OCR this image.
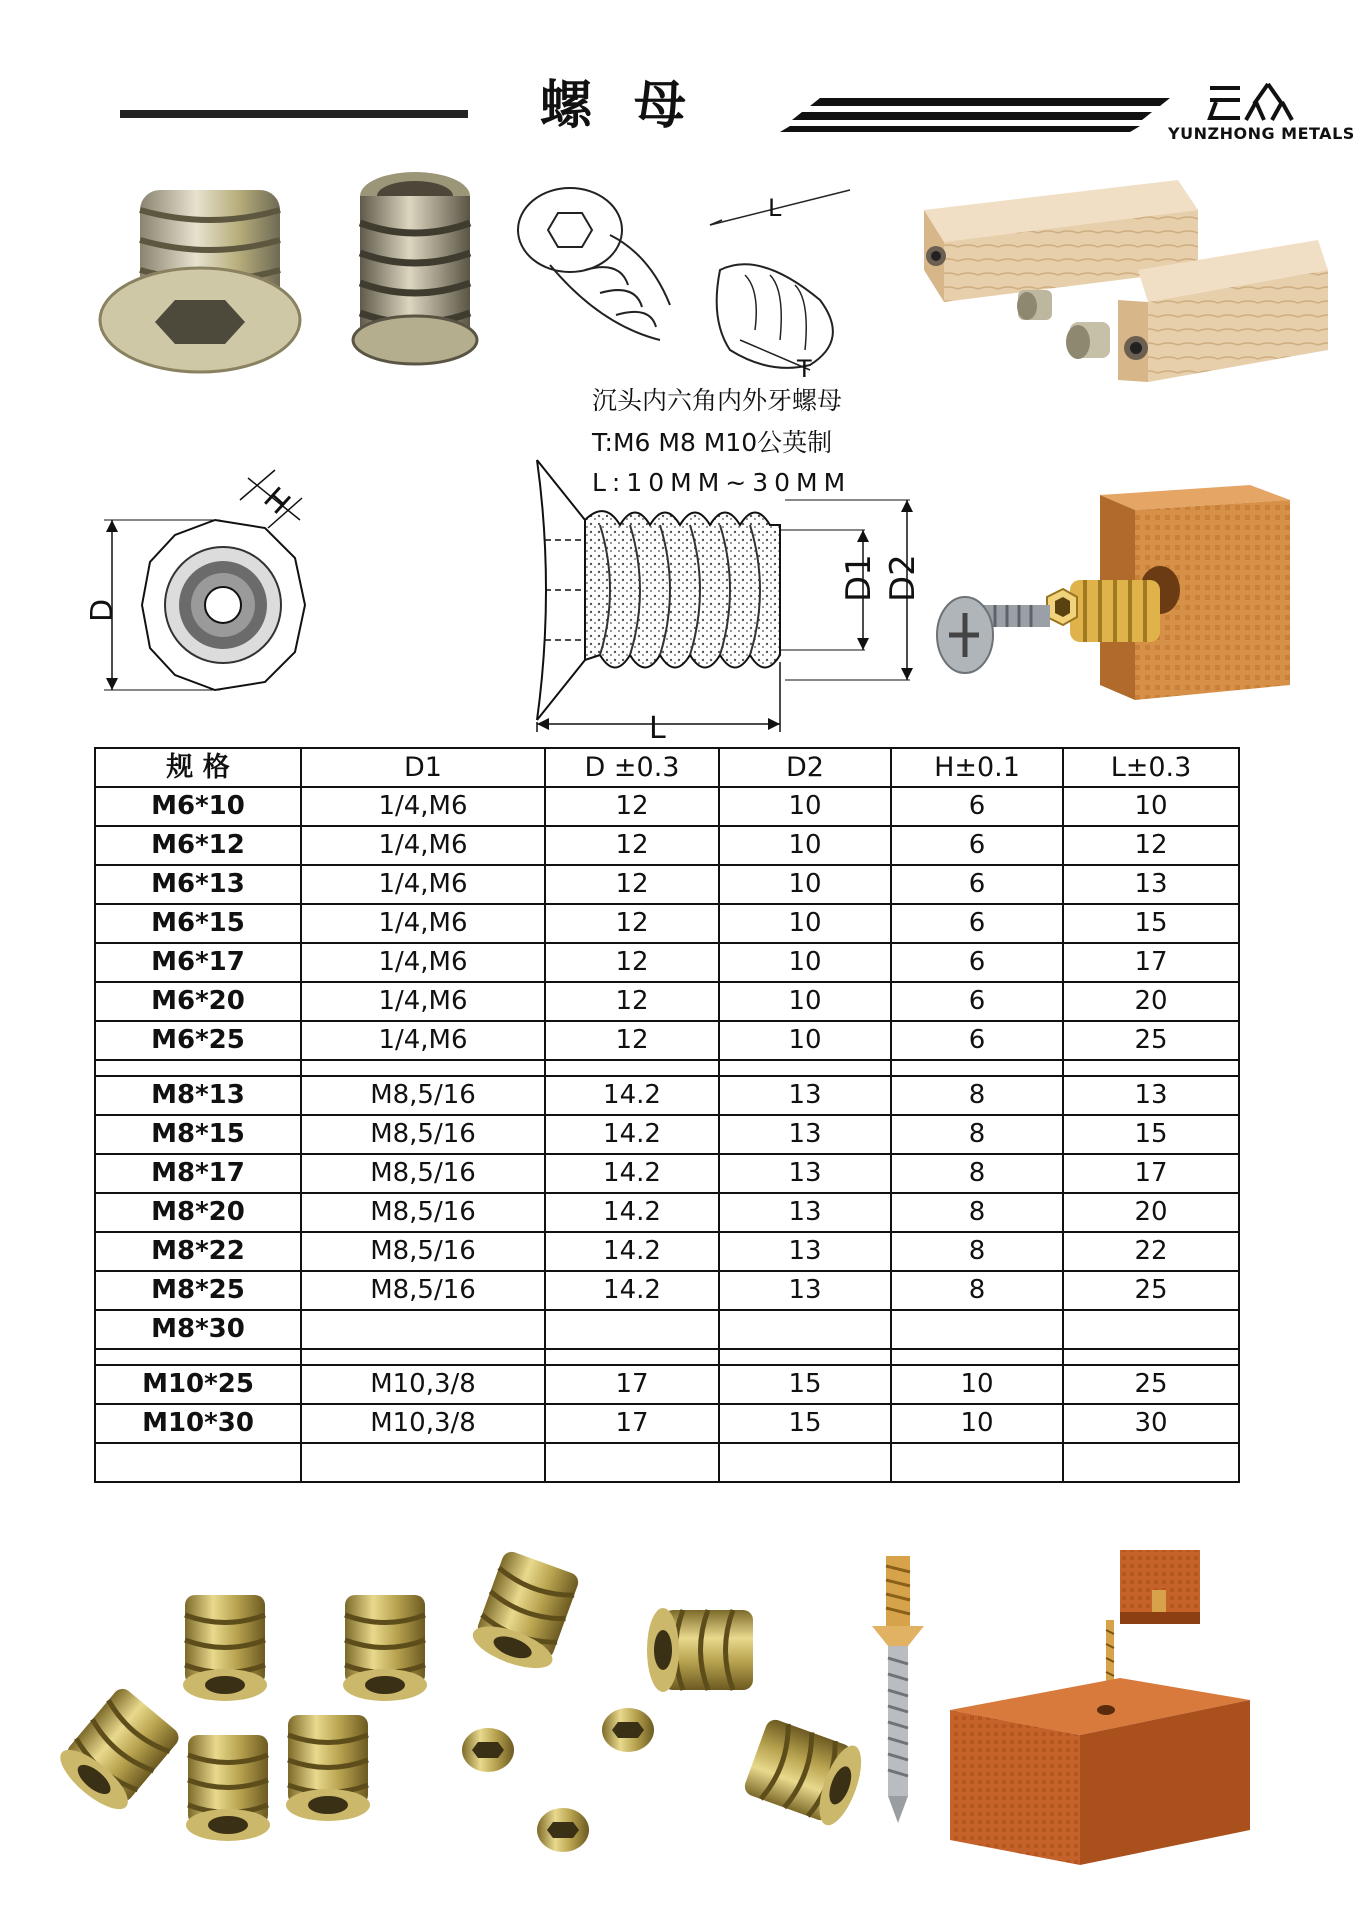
螺母	YUNZHONG METALS
L
T
沉头内六角内外牙螺母
T:M6 M8 M10公英制
L:10MM~30MM
D
H
L
D1 D2
规 格	D1	D ±0.3	D2	H±0.1	L±0.3
M6*10	1/4,M6	12	10	6	10
M6*12	1/4,M6	12	10	6	12
M6*13	1/4,M6	12	10	6	13
M6*15	1/4,M6	12	10	6	15
M6*17	1/4,M6	12	10	6	17
M6*20	1/4,M6	12	10	6	20
M6*25	1/4,M6	12	10	6	25

M8*13	M8,5/16	14.2	13	8	13
M8*15	M8,5/16	14.2	13	8	15
M8*17	M8,5/16	14.2	13	8	17
M8*20	M8,5/16	14.2	13	8	20
M8*22	M8,5/16	14.2	13	8	22
M8*25	M8,5/16	14.2	13	8	25
M8*30					

M10*25	M10,3/8	17	15	10	25
M10*30	M10,3/8	17	15	10	30
